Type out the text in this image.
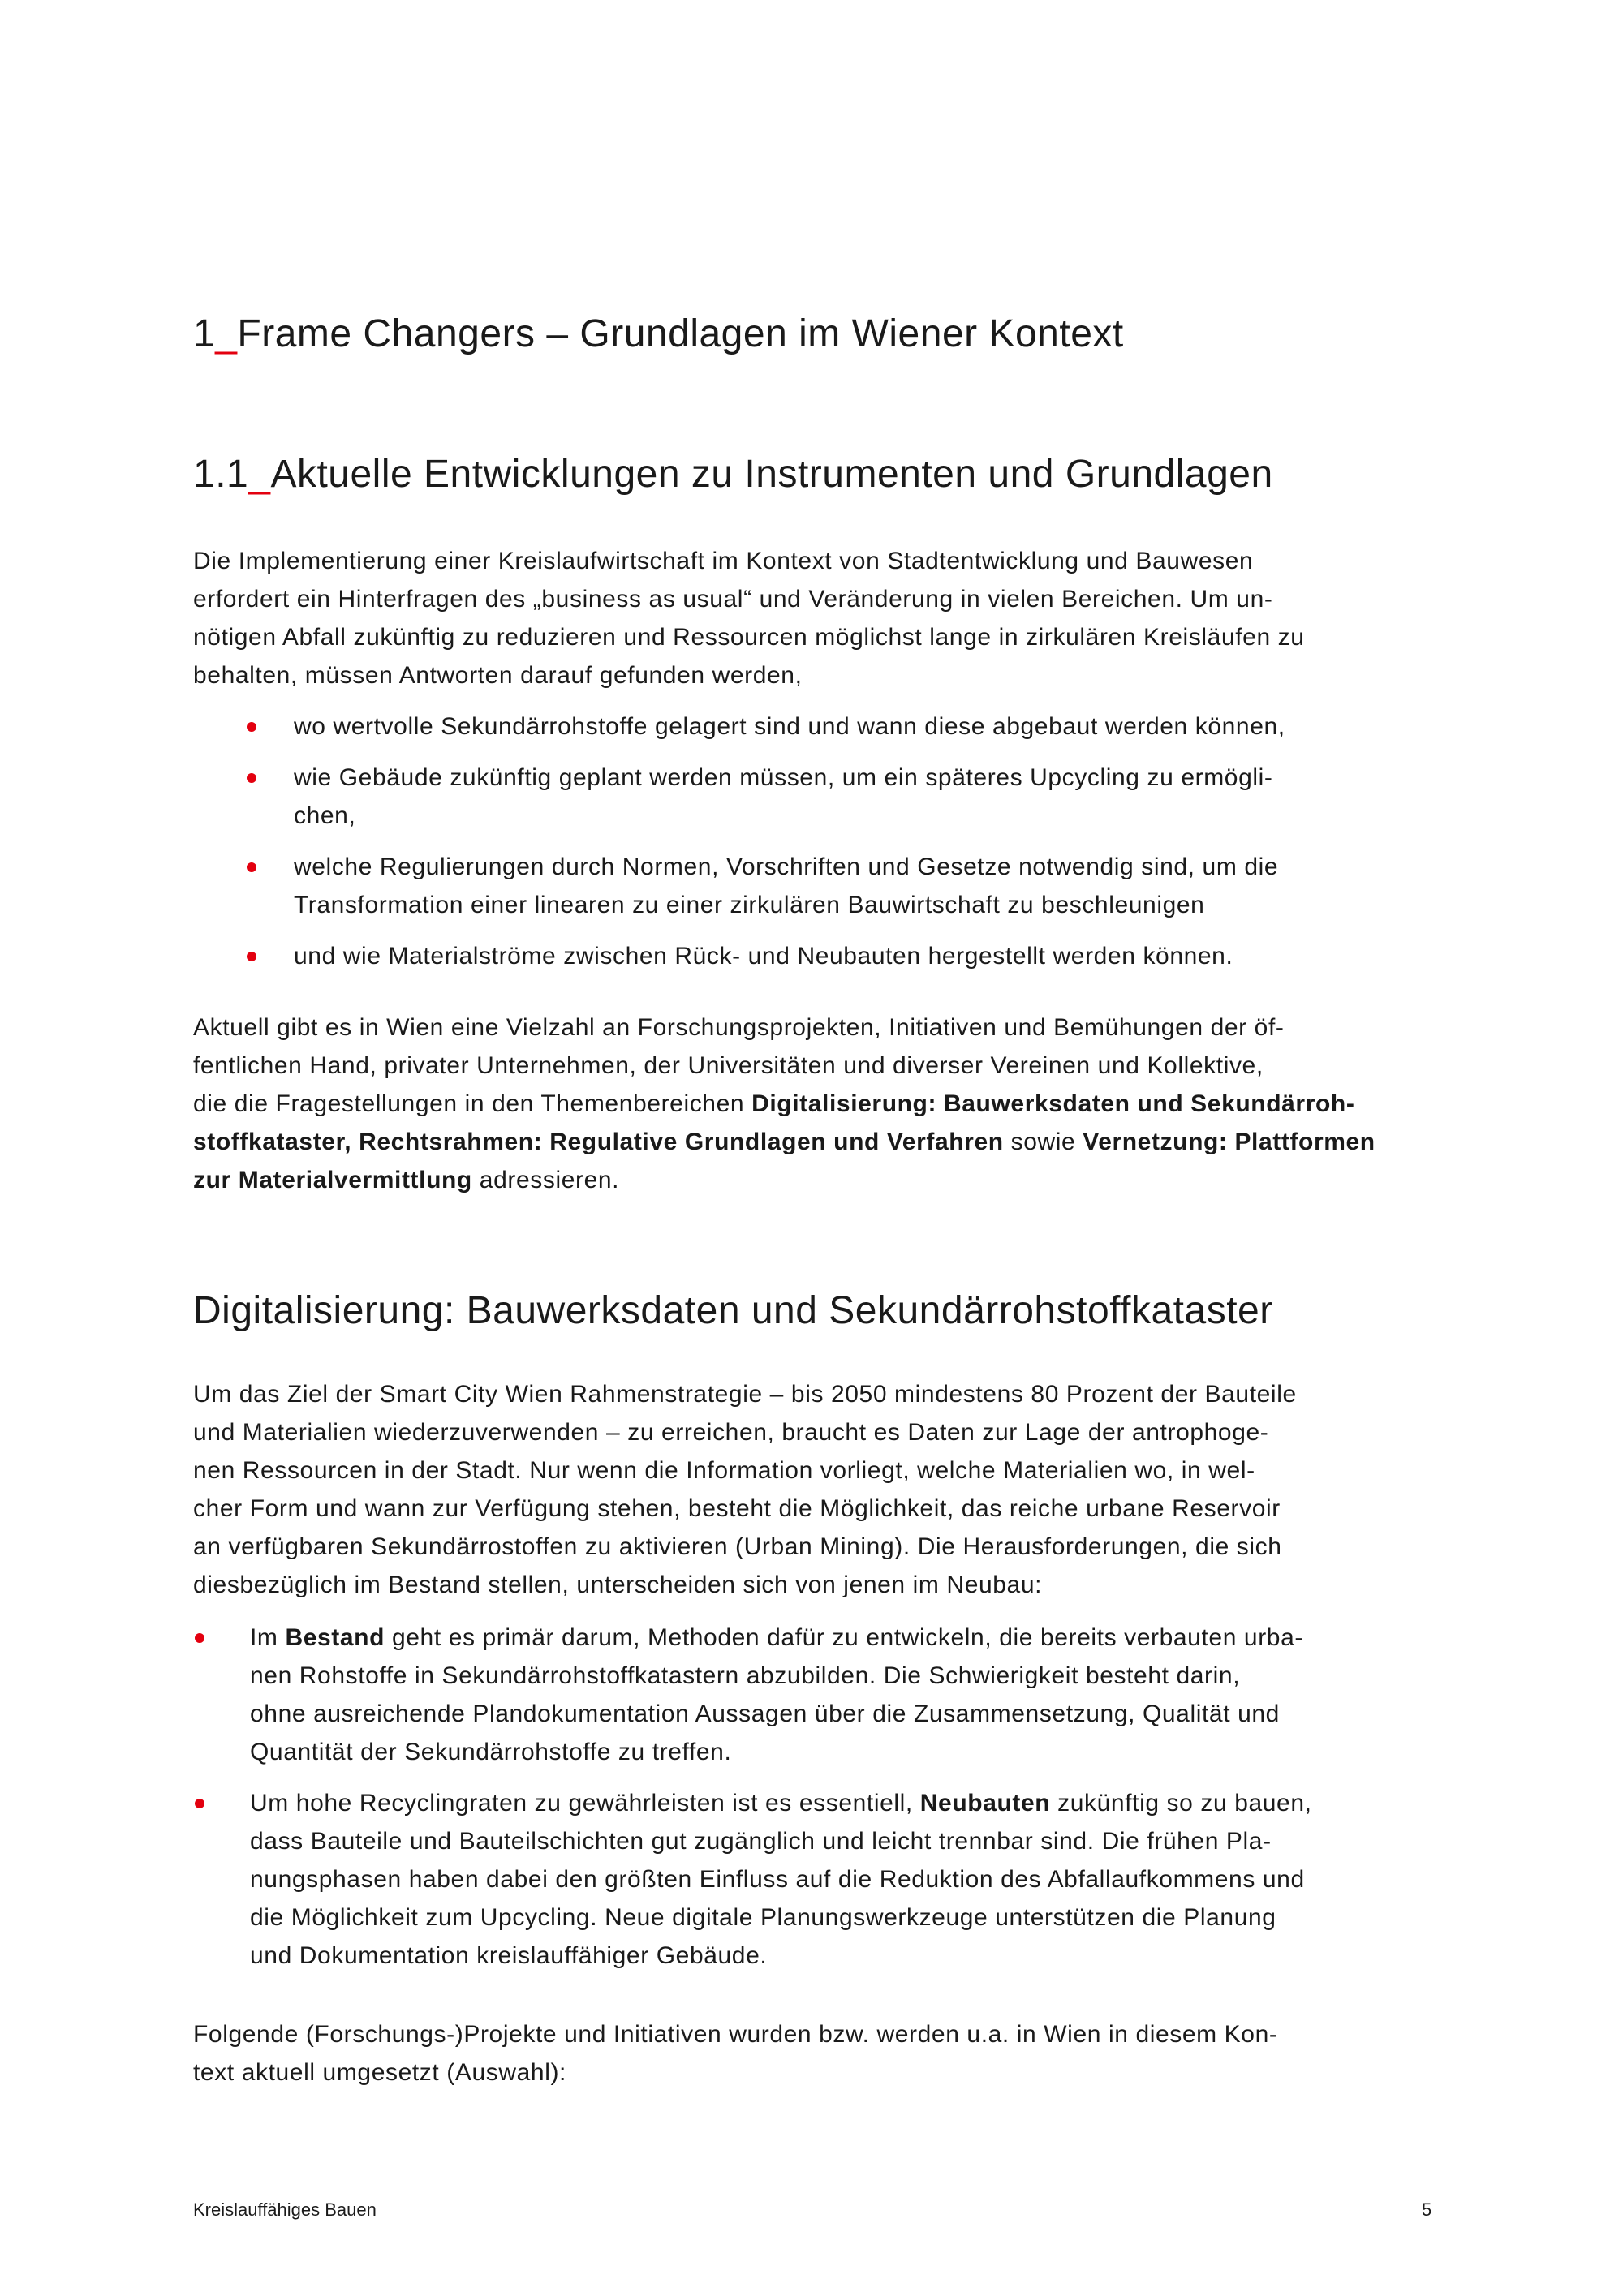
1_Frame Changers – Grundlagen im Wiener Kontext
1.1_Aktuelle Entwicklungen zu Instrumenten und Grundlagen

Die Implementierung einer Kreislaufwirtschaft im Kontext von Stadtentwicklung und Bauwesen
erfordert ein Hinterfragen des „business as usual“ und Veränderung in vielen Bereichen. Um un-
nötigen Abfall zukünftig zu reduzieren und Ressourcen möglichst lange in zirkulären Kreisläufen zu
behalten, müssen Antworten darauf gefunden werden,

wo wertvolle Sekundärrohstoffe gelagert sind und wann diese abgebaut werden können,
wie Gebäude zukünftig geplant werden müssen, um ein späteres Upcycling zu ermögli-
chen,
welche Regulierungen durch Normen, Vorschriften und Gesetze notwendig sind, um die
Transformation einer linearen zu einer zirkulären Bauwirtschaft zu beschleunigen
und wie Materialströme zwischen Rück- und Neubauten hergestellt werden können.

Aktuell gibt es in Wien eine Vielzahl an Forschungsprojekten, Initiativen und Bemühungen der öf-
fentlichen Hand, privater Unternehmen, der Universitäten und diverser Vereinen und Kollektive,
die die Fragestellungen in den Themenbereichen Digitalisierung: Bauwerksdaten und Sekundärroh-
stoffkataster, Rechtsrahmen: Regulative Grundlagen und Verfahren sowie Vernetzung: Plattformen
zur Materialvermittlung adressieren.

Digitalisierung: Bauwerksdaten und Sekundärrohstoffkataster

Um das Ziel der Smart City Wien Rahmenstrategie – bis 2050 mindestens 80 Prozent der Bauteile
und Materialien wiederzuverwenden – zu erreichen, braucht es Daten zur Lage der antrophoge-
nen Ressourcen in der Stadt. Nur wenn die Information vorliegt, welche Materialien wo, in wel-
cher Form und wann zur Verfügung stehen, besteht die Möglichkeit, das reiche urbane Reservoir
an verfügbaren Sekundärrostoffen zu aktivieren (Urban Mining). Die Herausforderungen, die sich
diesbezüglich im Bestand stellen, unterscheiden sich von jenen im Neubau:

Im Bestand geht es primär darum, Methoden dafür zu entwickeln, die bereits verbauten urba-
nen Rohstoffe in Sekundärrohstoffkatastern abzubilden. Die Schwierigkeit besteht darin,
ohne ausreichende Plandokumentation Aussagen über die Zusammensetzung, Qualität und
Quantität der Sekundärrohstoffe zu treffen.
Um hohe Recyclingraten zu gewährleisten ist es essentiell, Neubauten zukünftig so zu bauen,
dass Bauteile und Bauteilschichten gut zugänglich und leicht trennbar sind. Die frühen Pla-
nungsphasen haben dabei den größten Einfluss auf die Reduktion des Abfallaufkommens und
die Möglichkeit zum Upcycling. Neue digitale Planungswerkzeuge unterstützen die Planung
und Dokumentation kreislauffähiger Gebäude.

Folgende (Forschungs-)Projekte und Initiativen wurden bzw. werden u.a. in Wien in diesem Kon-
text aktuell umgesetzt (Auswahl):

Kreislauffähiges Bauen	5
